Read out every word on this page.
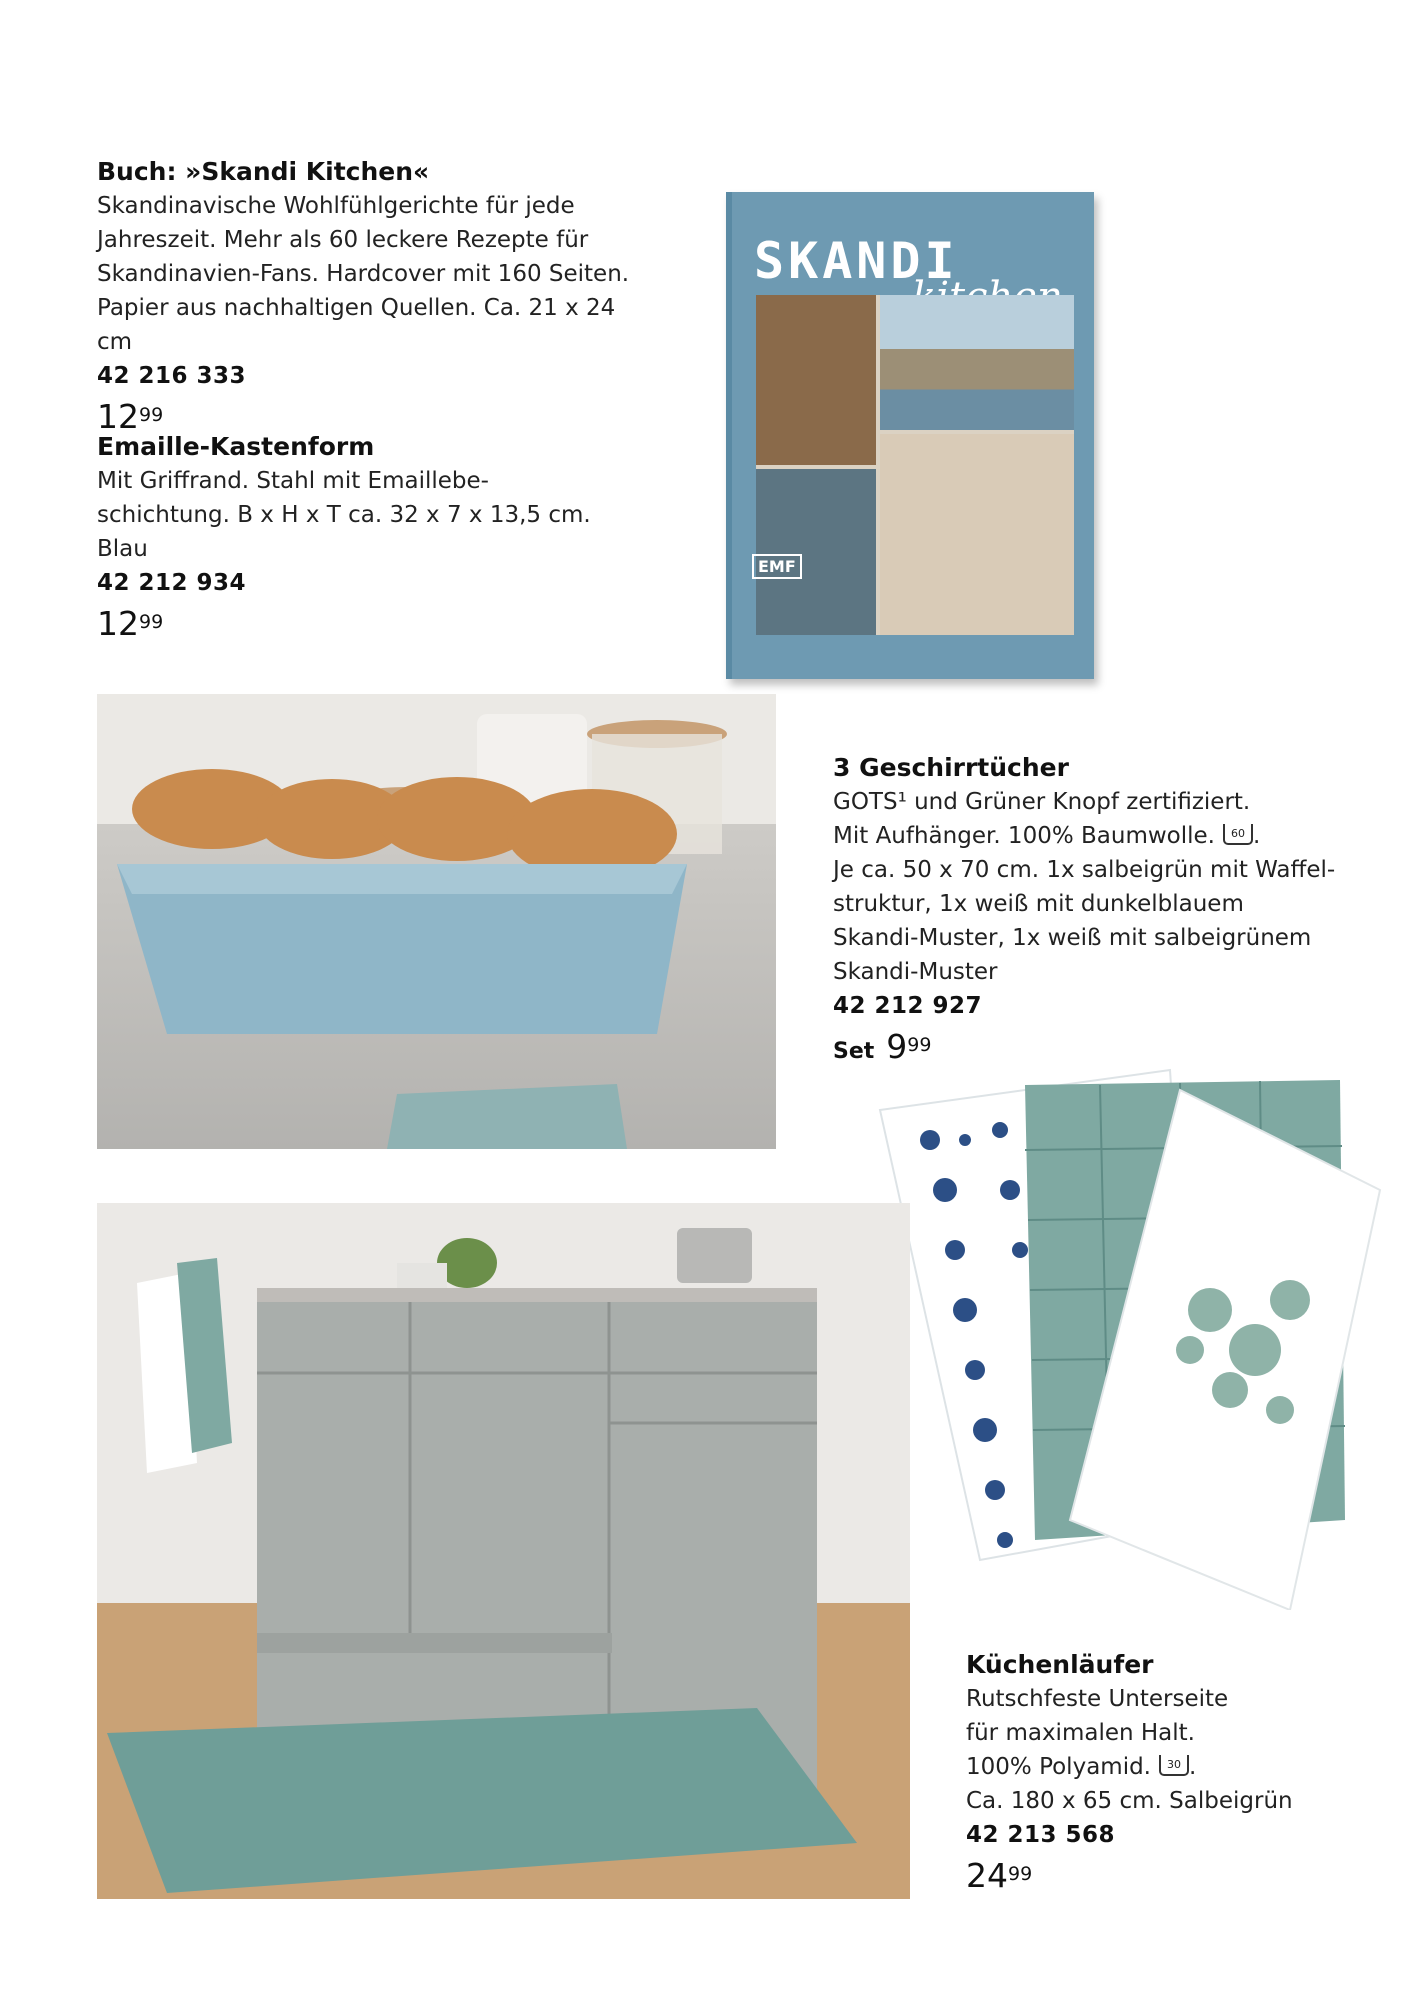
Buch: »Skandi Kitchen«
Skandinavische Wohlfühlgerichte für jede
Jahreszeit. Mehr als 60 leckere Rezepte für
Skandinavien-Fans. Hardcover mit 160 Seiten.
Papier aus nachhaltigen Quellen. Ca. 21 x 24 cm
42 216 333
$12^{99}$
Emaille-Kastenform
Mit Griffrand. Stahl mit Emaillebe-
schichtung. B x H x T ca. 32 x 7 x 13,5 cm.
Blau
42 212 934
$12^{99}$
SKANDI
EMF
3 Geschirrtücher
GOTS¹ und Grüner Knopf zertifiziert.
Mit Aufhänger. 100% Baumwolle. 60 .
Je ca. 50 x 70 cm. 1x salbeigrün mit Waffel-
struktur, 1x weiß mit dunkelblauem
Skandi-Muster, 1x weiß mit salbeigrünem
Skandi-Muster
42 212 927
Set $9^{99}$
Küchenläufer
Rutschfeste Unterseite
für maximalen Halt.
100% Polyamid. 30 .
Ca. 180 x 65 cm. Salbeigrün
42 213 568
$24^{99}$
